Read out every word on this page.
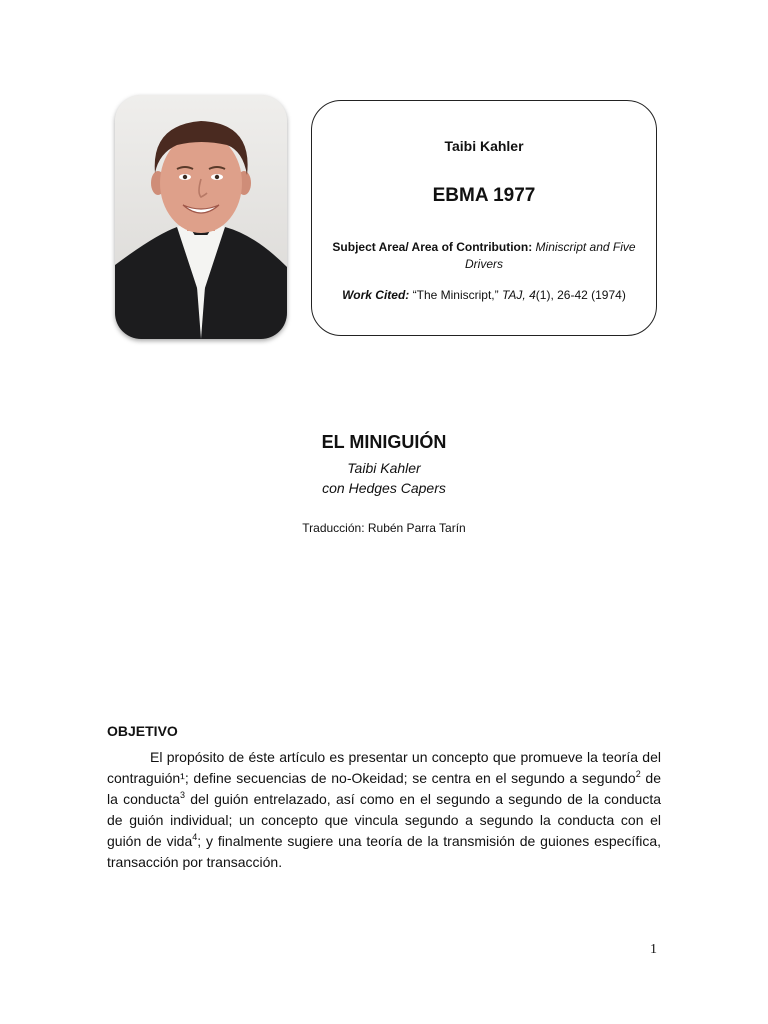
Taibi Kahler
EBMA 1977
Subject Area/ Area of Contribution: Miniscript and Five Drivers
Work Cited: “The Miniscript,” TAJ, 4(1), 26-42 (1974)
EL MINIGUIÓN
Taibi Kahler
con Hedges Capers
Traducción: Rubén Parra Tarín
OBJETIVO

El propósito de éste artículo es presentar un concepto que promueve la teoría del contraguión¹; define secuencias de no-Okeidad; se centra en el segundo a segundo$^2$ de la conducta$^3$ del guión entrelazado, así como en el segundo a segundo de la conducta de guión individual; un concepto que vincula segundo a segundo la conducta con el guión de vida$^4$; y finalmente sugiere una teoría de la transmisión de guiones específica, transacción por transacción.

1
